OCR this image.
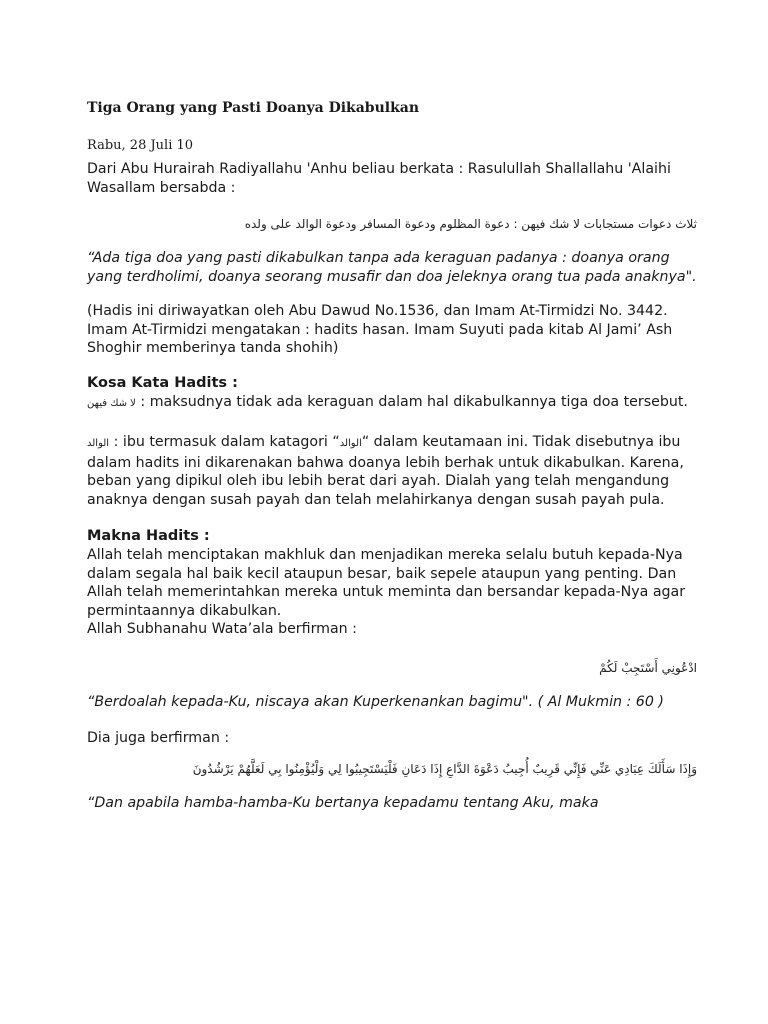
Tiga Orang yang Pasti Doanya Dikabulkan
Rabu, 28 Juli 10

Dari Abu Hurairah Radiyallahu 'Anhu beliau berkata : Rasulullah Shallallahu 'Alaihi Wasallam bersabda :

ثلاث دعوات مستجابات لا شك فيهن : دعوة المظلوم ودعوة المسافر ودعوة الوالد على ولده

“Ada tiga doa yang pasti dikabulkan tanpa ada keraguan padanya : doanya orang yang terdholimi, doanya seorang musafir dan doa jeleknya orang tua pada anaknya".

(Hadis ini diriwayatkan oleh Abu Dawud No.1536, dan Imam At-Tirmidzi No. 3442. Imam At-Tirmidzi mengatakan : hadits hasan. Imam Suyuti pada kitab Al Jami’ Ash Shoghir memberinya tanda shohih)

Kosa Kata Hadits :

لا شك فيهن : maksudnya tidak ada keraguan dalam hal dikabulkannya tiga doa tersebut.

الوالد : ibu termasuk dalam katagori “الوالد“ dalam keutamaan ini. Tidak disebutnya ibu dalam hadits ini dikarenakan bahwa doanya lebih berhak untuk dikabulkan. Karena, beban yang dipikul oleh ibu lebih berat dari ayah. Dialah yang telah mengandung anaknya dengan susah payah dan telah melahirkanya dengan susah payah pula.

Makna Hadits :

Allah telah menciptakan makhluk dan menjadikan mereka selalu butuh kepada-Nya dalam segala hal baik kecil ataupun besar, baik sepele ataupun yang penting. Dan Allah telah memerintahkan mereka untuk meminta dan bersandar kepada-Nya agar permintaannya dikabulkan.

Allah Subhanahu Wata’ala berfirman :

ادْعُونِي أَسْتَجِبْ لَكُمْ

“Berdoalah kepada-Ku, niscaya akan Kuperkenankan bagimu". ( Al Mukmin : 60 )

Dia juga berfirman :

وَإِذَا سَأَلَكَ عِبَادِي عَنِّي فَإِنِّي قَرِيبٌ أُجِيبُ دَعْوَةَ الدَّاعِ إِذَا دَعَانِ فَلْيَسْتَجِيبُوا لِي وَلْيُؤْمِنُوا بِي لَعَلَّهُمْ يَرْشُدُونَ

“Dan apabila hamba-hamba-Ku bertanya kepadamu tentang Aku, maka
